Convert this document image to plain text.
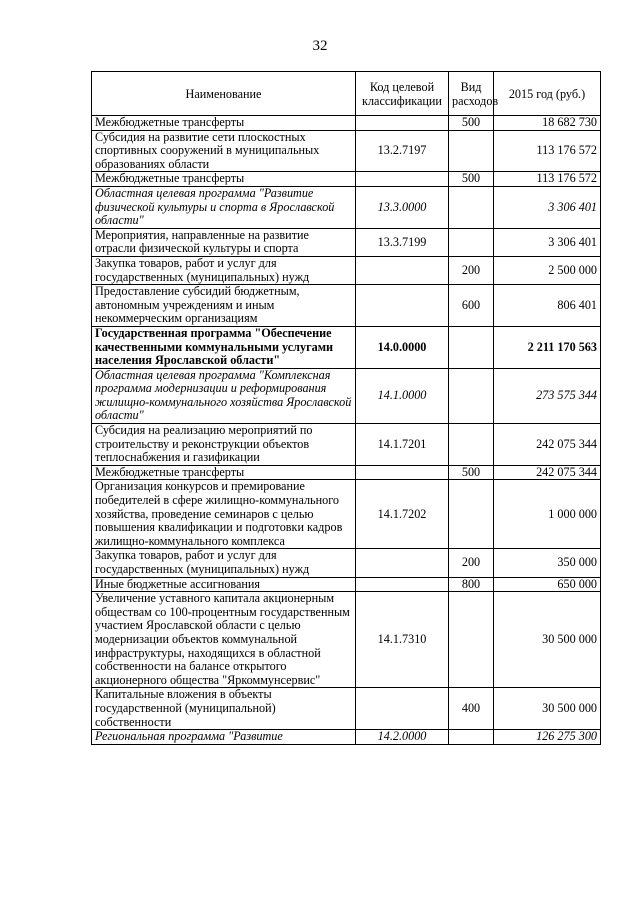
32
Наименование	Код целевой классификации	Вид расходов	2015 год (руб.)
Межбюджетные трансферты		500	18 682 730
Субсидия на развитие сети плоскостных спортивных сооружений в муниципальных образованиях области	13.2.7197		113 176 572
Межбюджетные трансферты		500	113 176 572
Областная целевая программа "Развитие физической культуры и спорта в Ярославской области"	13.3.0000		3 306 401
Мероприятия, направленные на развитие отрасли физической культуры и спорта	13.3.7199		3 306 401
Закупка товаров, работ и услуг для государственных (муниципальных) нужд		200	2 500 000
Предоставление субсидий бюджетным, автономным учреждениям и иным некоммерческим организациям		600	806 401
Государственная программа "Обеспечение качественными коммунальными услугами населения Ярославской области"	14.0.0000		2 211 170 563
Областная целевая программа "Комплексная программа модернизации и реформирования жилищно-коммунального хозяйства Ярославской области"	14.1.0000		273 575 344
Субсидия на реализацию мероприятий по строительству и реконструкции объектов теплоснабжения и газификации	14.1.7201		242 075 344
Межбюджетные трансферты		500	242 075 344
Организация конкурсов и премирование победителей в сфере жилищно-коммунального хозяйства, проведение семинаров с целью повышения квалификации и подготовки кадров жилищно-коммунального комплекса	14.1.7202		1 000 000
Закупка товаров, работ и услуг для государственных (муниципальных) нужд		200	350 000
Иные бюджетные ассигнования		800	650 000
Увеличение уставного капитала акционерным обществам со 100-процентным государственным участием Ярославской области с целью модернизации объектов коммунальной инфраструктуры, находящихся в областной собственности на балансе открытого акционерного общества "Яркоммунсервис"	14.1.7310		30 500 000
Капитальные вложения в объекты государственной (муниципальной) собственности		400	30 500 000
Региональная программа "Развитие	14.2.0000		126 275 300
